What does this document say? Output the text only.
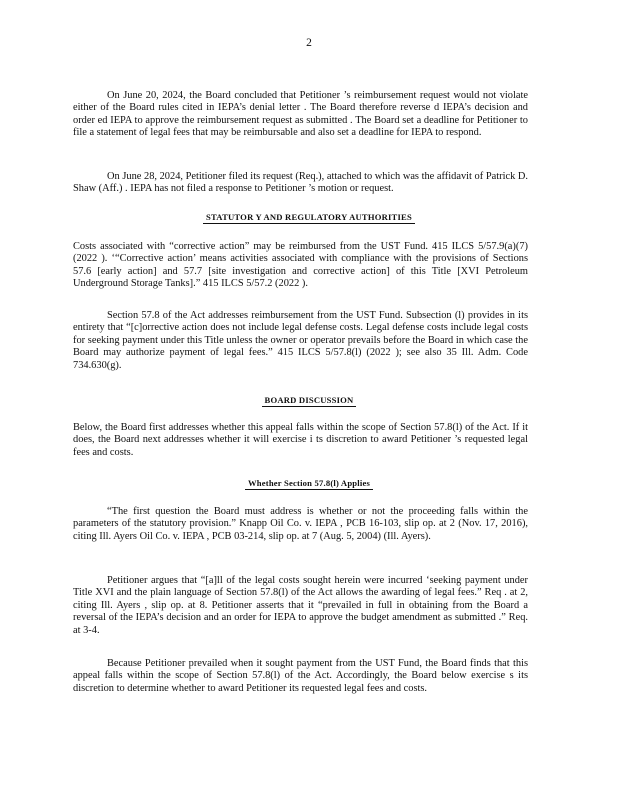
2

On June 20, 2024, the Board concluded that Petitioner ’s reimbursement request would not violate either of the Board rules cited in IEPA’s denial letter . The Board therefore reverse d IEPA’s decision and order ed IEPA to approve the reimbursement request as submitted . The Board set a deadline for Petitioner to file a statement of legal fees that may be reimbursable and also set a deadline for IEPA to respond.

On June 28, 2024, Petitioner filed its request (Req.), attached to which was the affidavit of Patrick D. Shaw (Aff.) . IEPA has not filed a response to Petitioner ’s motion or request.

STATUTOR Y AND REGULATORY AUTHORITIES

Costs associated with “corrective action” may be reimbursed from the UST Fund. 415 ILCS 5/57.9(a)(7) (2022 ). ‘“Corrective action’ means activities associated with compliance with the provisions of Sections 57.6 [early action] and 57.7 [site investigation and corrective action] of this Title [XVI Petroleum Underground Storage Tanks].” 415 ILCS 5/57.2 (2022 ).

Section 57.8 of the Act addresses reimbursement from the UST Fund. Subsection (l) provides in its entirety that “[c]orrective action does not include legal defense costs. Legal defense costs include legal costs for seeking payment under this Title unless the owner or operator prevails before the Board in which case the Board may authorize payment of legal fees.” 415 ILCS 5/57.8(l) (2022 ); see also 35 Ill. Adm. Code 734.630(g).

BOARD DISCUSSION

Below, the Board first addresses whether this appeal falls within the scope of Section 57.8(l) of the Act. If it does, the Board next addresses whether it will exercise i ts discretion to award Petitioner ’s requested legal fees and costs.

Whether Section 57.8(l) Applies

“The first question the Board must address is whether or not the proceeding falls within the parameters of the statutory provision.” Knapp Oil Co. v. IEPA , PCB 16-103, slip op. at 2 (Nov. 17, 2016), citing Ill. Ayers Oil Co. v. IEPA , PCB 03-214, slip op. at 7 (Aug. 5, 2004) (Ill. Ayers).

Petitioner argues that “[a]ll of the legal costs sought herein were incurred ‘seeking payment under Title XVI and the plain language of Section 57.8(l) of the Act allows the awarding of legal fees.” Req . at 2, citing Ill. Ayers , slip op. at 8. Petitioner asserts that it “prevailed in full in obtaining from the Board a reversal of the IEPA’s decision and an order for IEPA to approve the budget amendment as submitted .” Req. at 3-4.

Because Petitioner prevailed when it sought payment from the UST Fund, the Board finds that this appeal falls within the scope of Section 57.8(l) of the Act. Accordingly, the Board below exercise s its discretion to determine whether to award Petitioner its requested legal fees and costs.
